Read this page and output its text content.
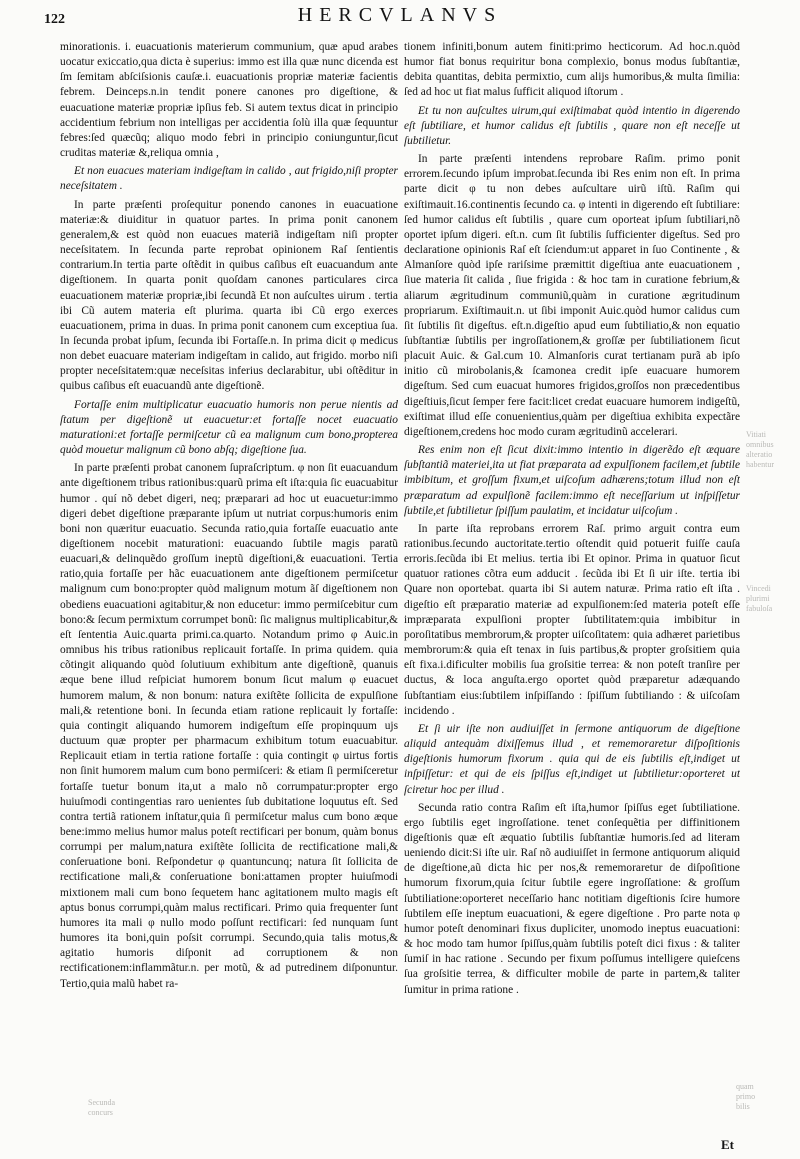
122	HERCVLANVS

minorationis. i. euacuationis materierum communium, quæ apud arabes uocatur exiccatio,qua dicta è superius: immo est illa quæ nunc dicenda est ſm ſemitam abſciſsionis cauſæ.i. euacuationis propriæ materiæ facientis febrem. Deinceps.n.in tendit ponere canones pro digeſtione, & euacuatione materiæ propriæ ipſius feb. Si autem textus dicat in principio accidentium febrium non intelligas per accidentia ſolù illa quæ ſequuntur febres:ſed quæcũq; aliquo modo febri in principio coniunguntur,ſicut cruditas materiæ &,reliqua omnia ,

Et non euacues materiam indigeſtam in calido , aut frigido,niſi propter neceſsitatem .

In parte præſenti proſequitur ponendo canones in euacuatione materiæ:& diuiditur in quatuor partes. In prima ponit canonem generalem,& est quòd non euacues materiã indigeſtam niſi propter neceſsitatem. In ſecunda parte reprobat opinionem Raſ ſentientis contrarium.In tertia parte oſtẽdit in quibus caſibus eſt euacuandum ante digeſtionem. In quarta ponit quoſdam canones particulares circa euacuationem materiæ propriæ,ibi ſecundã Et non auſcultes uirum . tertia ibi Cũ autem materia eſt plurima. quarta ibi Cũ ergo exerces euacuationem, prima in duas. In prima ponit canonem cum exceptiua ſua. In ſecunda probat ipſum, ſecunda ibi Fortaſſe.n. In prima dicit φ medicus non debet euacuare materiam indigeſtam in calido, aut frigido. morbo niſi propter neceſsitatem:quæ neceſsitas inferius declarabitur, ubi oſtẽditur in quibus caſibus eſt euacuandũ ante digeſtionẽ.

Fortaſſe enim multiplicatur euacuatio humoris non perue nientis ad ſtatum per digeſtionẽ ut euacuetur:et fortaſſe nocet euacuatio maturationi:et fortaſſe permiſcetur cũ ea malignum cum bono,propterea quòd mouetur malignum cũ bono abſq; digeſtione ſua.

In parte præſenti probat canonem ſupraſcriptum. φ non ſit euacuandum ante digeſtionem tribus rationibus:quarũ prima eſt iſta:quia ſic euacuabitur humor . quí nõ debet digeri, neq; præparari ad hoc ut euacuetur:immo digeri debet digeſtione præparante ipſum ut nutriat corpus:humoris enim boni non quæritur euacuatio. Secunda ratio,quia fortaſſe euacuatio ante digeſtionem nocebit maturationi: euacuando ſubtile magis paratũ euacuari,& delinquẽdo groſſum ineptũ digeſtioni,& euacuationi. Tertia ratio,quia fortaſſe per hãc euacuationem ante digeſtionem permiſcetur malignum cum bono:propter quòd malignum motum ãſ digeſtionem non obediens euacuationi agitabitur,& non educetur: immo permiſcebitur cum bono:& ſecum permixtum corrumpet bonũ: ſic malignus multiplicabitur,& eſt ſententia Auic.quarta primi.ca.quarto. Notandum primo φ Auic.in omnibus his tribus rationibus replicauit fortaſſe. In prima quidem. quia cõtingit aliquando quòd ſolutiuum exhibitum ante digeſtionẽ, quanuis æque bene illud reſpiciat humorem bonum ſicut malum φ euacuet humorem malum, & non bonum: natura exiſtẽte ſollicita de expulſione mali,& retentione boni. In ſecunda etiam ratione replicauit ly fortaſſe: quia contingit aliquando humorem indigeſtum eſſe propinquum ujs ductuum quæ propter per pharmacum exhibitum totum euacuabitur. Replicauit etiam in tertia ratione fortaſſe : quia contingit φ uirtus fortis non ſinit humorem malum cum bono permiſceri: & etiam ſi permiſceretur fortaſſe tuetur bonum ita,ut a malo nõ corrumpatur:propter ergo huiuſmodi contingentias raro uenientes ſub dubitatione loquutus eſt. Sed contra tertiã rationem inſtatur,quia ſi permiſcetur malus cum bono æque bene:immo melius humor malus poteſt rectificari per bonum, quàm bonus corrumpi per malum,natura exiſtẽte ſollicita de rectificatione mali,& conſeruatione boni. Reſpondetur φ quantuncunq; natura ſit ſollicita de rectificatione mali,& conſeruatione boni:attamen propter huiuſmodi mixtionem mali cum bono ſequetem hanc agitationem multo magis eſt aptus bonus corrumpi,quàm malus rectificari. Primo quia frequenter ſunt humores ita mali φ nullo modo poſſunt rectificari: ſed nunquam ſunt humores ita boni,quin poſsit corrumpi. Secundo,quia talis motus,& agitatio humoris diſponit ad corruptionem & non rectificationem:inflammãtur.n. per motũ, & ad putredinem diſponuntur. Tertio,quia malũ habet ra-

tionem infiniti,bonum autem finiti:primo hecticorum. Ad hoc.n.quòd humor fiat bonus requiritur bona complexio, bonus modus ſubſtantiæ, debita quantitas, debita permixtio, cum alijs humoribus,& multa ſimilia: ſed ad hoc ut fiat malus ſufficit aliquod iſtorum .

Et tu non auſcultes uirum,qui exiſtimabat quòd intentio in digerendo eſt ſubtiliare, et humor calidus eſt ſubtilis , quare non eſt neceſſe ut ſubtilietur.

In parte præſenti intendens reprobare Raſim. primo ponit errorem.ſecundo ipſum improbat.ſecunda ibi Res enim non eſt. In prima parte dicit φ tu non debes auſcultare uirũ iſtũ. Raſim qui exiſtimauit.16.continentis ſecundo ca. φ intenti in digerendo eſt ſubtiliare: ſed humor calidus eſt ſubtilis , quare cum oporteat ipſum ſubtiliari,nõ oportet ipſum digeri. eſt.n. cum ſit ſubtilis ſufficienter digeſtus. Sed pro declaratione opinionis Raſ eſt ſciendum:ut apparet in ſuo Continente , & Almanſore quòd ipſe rariſsime præmittit digeſtiua ante euacuationem , ſiue materia ſit calida , ſiue frigida : & hoc tam in curatione febrium,& aliarum ægritudinum communiũ,quàm in curatione ægritudinum propriarum. Exiſtimauit.n. ut ſibi imponit Auic.quòd humor calidus cum ſit ſubtilis ſit digeſtus. eſt.n.digeſtio apud eum ſubtiliatio,& non equatio ſubſtantiæ ſubtilis per ingroſſationem,& groſſæ per ſubtiliationem ſicut placuit Auic. & Gal.cum 10. Almanſoris curat tertianam purã ab ipſo initio cũ mirobolanis,& ſcamonea credit ipſe euacuare humorem digeſtum. Sed cum euacuat humores frigidos,groſſos non præcedentibus digeſtiuis,ſicut ſemper fere facit:licet credat euacuare humorem indigeſtũ, exiſtimat illud eſſe conuenientius,quàm per digeſtiua exhibita expectãre digeſtionem,credens hoc modo curam ægritudinũ accelerari.

Res enim non eſt ſicut dixit:immo intentio in digerẽdo eſt æquare ſubſtantiã materiei,ita ut fiat præparata ad expulſionem facilem,et ſubtile imbibitum, et groſſum fixum,et uiſcoſum adhærens;totum illud non eſt præparatum ad expulſionẽ facilem:immo eſt neceſſarium ut inſpiſſetur ſubtile,et ſubtilietur ſpiſſum paulatim, et incidatur uiſcoſum .

In parte iſta reprobans errorem Raſ. primo arguit contra eum rationibus.ſecundo auctoritate.tertio oſtendit quid potuerit fuiſſe cauſa erroris.ſecũda ibi Et melius. tertia ibi Et opinor. Prima in quatuor ſicut quatuor rationes cõtra eum adducit . ſecũda ibi Et ſi uir iſte. tertia ibi Quare non oportebat. quarta ibi Si autem naturæ. Prima ratio eſt iſta . digeſtio eſt præparatio materiæ ad expulſionem:ſed materia poteſt eſſe impræparata expulſioni propter ſubtilitatem:quia imbibitur in poroſitatibus membrorum,& propter uiſcoſitatem: quia adhæret parietibus membrorum:& quia eſt tenax in ſuis partibus,& propter groſsitiem quia eſt fixa.i.dificulter mobilis ſua groſsitie terrea: & non poteſt tranſire per ductus, & loca anguſta.ergo oportet quòd præparetur adæquando ſubſtantiam eius:ſubtilem inſpiſſando : ſpiſſum ſubtiliando : & uiſcoſam incidendo .

Et ſi uir iſte non audiuiſſet in ſermone antiquorum de digeſtione aliquid antequàm dixiſſemus illud , et rememoraretur diſpoſitionis digeſtionis humorum fixorum . quia qui de eis ſubtilis eſt,indiget ut inſpiſſetur: et qui de eis ſpiſſus eſt,indiget ut ſubtilietur:oporteret ut ſciretur hoc per illud .

Secunda ratio contra Raſim eſt iſta,humor ſpiſſus eget ſubtiliatione. ergo ſubtilis eget ingroſſatione. tenet conſequẽtia per diffinitionem digeſtionis quæ eſt æquatio ſubtilis ſubſtantiæ humoris.ſed ad literam ueniendo dicit:Si iſte uir. Raſ nõ audiuiſſet in ſermone antiquorum aliquid de digeſtione,aũ dicta hic per nos,& rememoraretur de diſpoſitione humorum fixorum,quia ſcitur ſubtile egere ingroſſatione: & groſſum ſubtiliatione:oporteret neceſſario hanc notitiam digeſtionis ſcire humore ſubtilem eſſe ineptum euacuationi, & egere digeſtione . Pro parte nota φ humor poteſt denominari fixus dupliciter, unomodo ineptus euacuationi: & hoc modo tam humor ſpiſſus,quàm ſubtilis poteſt dici fixus : & taliter ſumiſ in hac ratione . Secundo per fixum poſſumus intelligere quieſcens ſua groſsitie terrea, & difficulter mobile de parte in partem,& taliter ſumitur in prima ratione .

Vitiati
omnibus
alteratio
habentur
Vincedi
plurimi
fabuloſa
quam
primo
bilis
Secunda
concurs
Et
